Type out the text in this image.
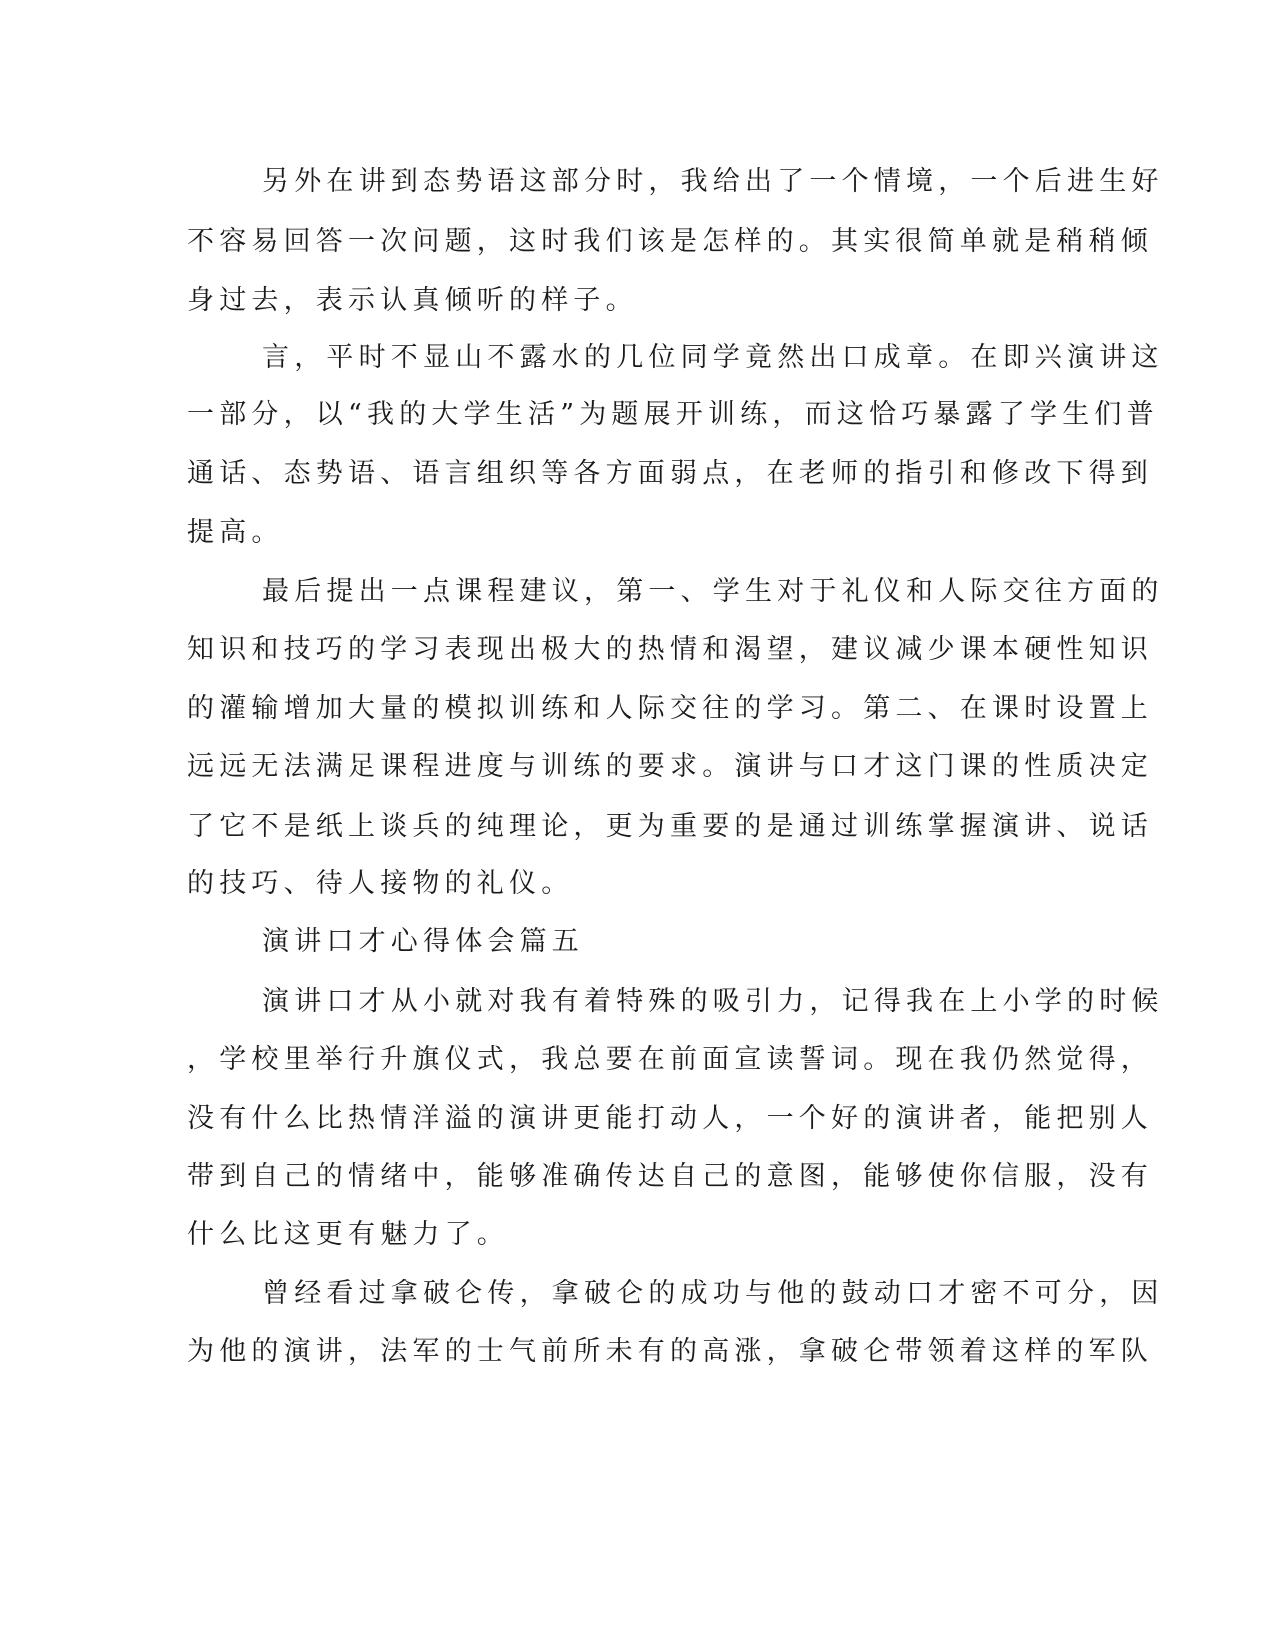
另外在讲到态势语这部分时，我给出了一个情境，一个后进生好
不容易回答一次问题，这时我们该是怎样的。其实很简单就是稍稍倾
身过去，表示认真倾听的样子。
言，平时不显山不露水的几位同学竟然出口成章。在即兴演讲这
一部分，以“我的大学生活”为题展开训练，而这恰巧暴露了学生们普
通话、态势语、语言组织等各方面弱点，在老师的指引和修改下得到
提高。
最后提出一点课程建议，第一、学生对于礼仪和人际交往方面的
知识和技巧的学习表现出极大的热情和渴望，建议减少课本硬性知识
的灌输增加大量的模拟训练和人际交往的学习。第二、在课时设置上
远远无法满足课程进度与训练的要求。演讲与口才这门课的性质决定
了它不是纸上谈兵的纯理论，更为重要的是通过训练掌握演讲、说话
的技巧、待人接物的礼仪。
演讲口才心得体会篇五
演讲口才从小就对我有着特殊的吸引力，记得我在上小学的时候
，学校里举行升旗仪式，我总要在前面宣读誓词。现在我仍然觉得，
没有什么比热情洋溢的演讲更能打动人，一个好的演讲者，能把别人
带到自己的情绪中，能够准确传达自己的意图，能够使你信服，没有
什么比这更有魅力了。
曾经看过拿破仑传，拿破仑的成功与他的鼓动口才密不可分，因
为他的演讲，法军的士气前所未有的高涨，拿破仑带领着这样的军队
